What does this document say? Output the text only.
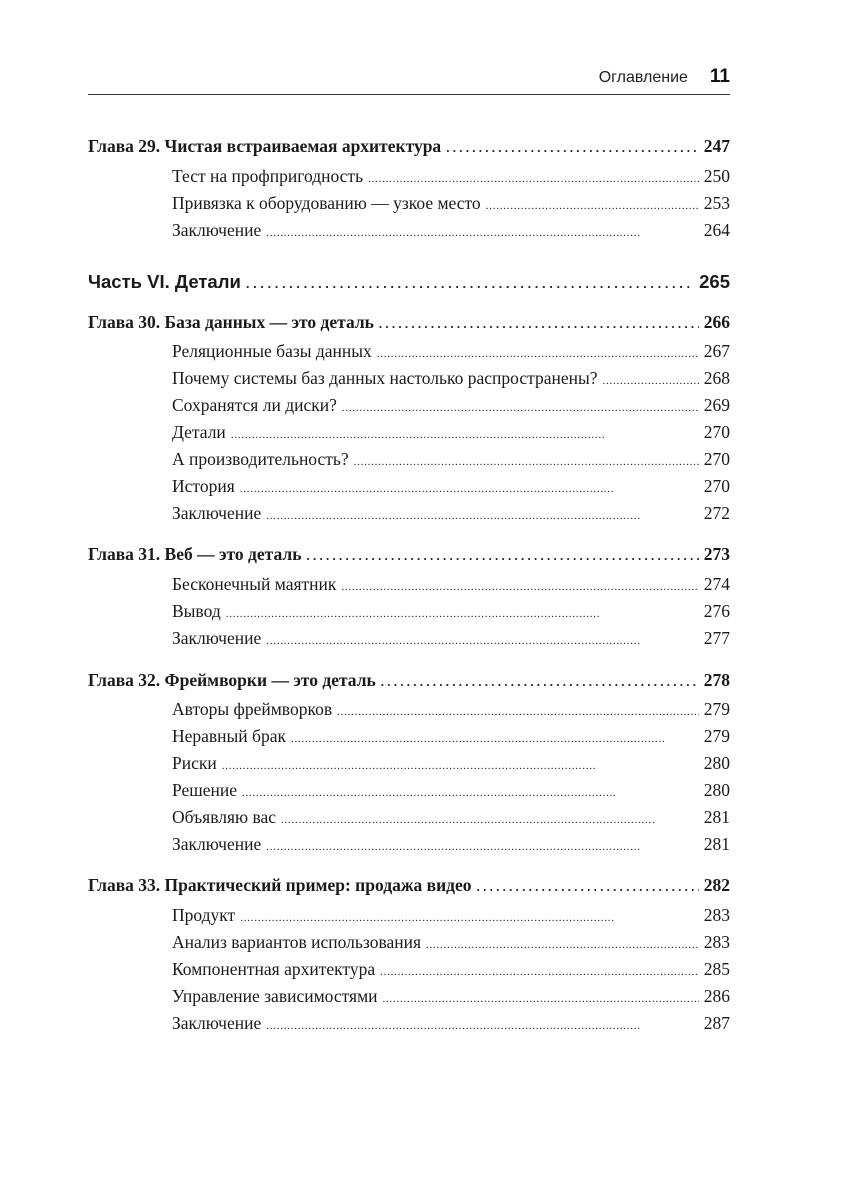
Оглавление 11
Глава 29. Чистая встраиваемая архитектура . . .	247
Тест на профпригодность . . .	250
Привязка к оборудованию — узкое место . . .	253
Заключение . . .	264
Часть VI. Детали . . .	265
Глава 30. База данных — это деталь . . .	266
Реляционные базы данных . . .	267
Почему системы баз данных настолько распространены? . . .	268
Сохранятся ли диски? . . .	269
Детали . . .	270
А производительность? . . .	270
История . . .	270
Заключение . . .	272
Глава 31. Веб — это деталь . . .	273
Бесконечный маятник . . .	274
Вывод . . .	276
Заключение . . .	277
Глава 32. Фреймворки — это деталь . . .	278
Авторы фреймворков . . .	279
Неравный брак . . .	279
Риски . . .	280
Решение . . .	280
Объявляю вас . . .	281
Заключение . . .	281
Глава 33. Практический пример: продажа видео . . .	282
Продукт . . .	283
Анализ вариантов использования . . .	283
Компонентная архитектура . . .	285
Управление зависимостями . . .	286
Заключение . . .	287
